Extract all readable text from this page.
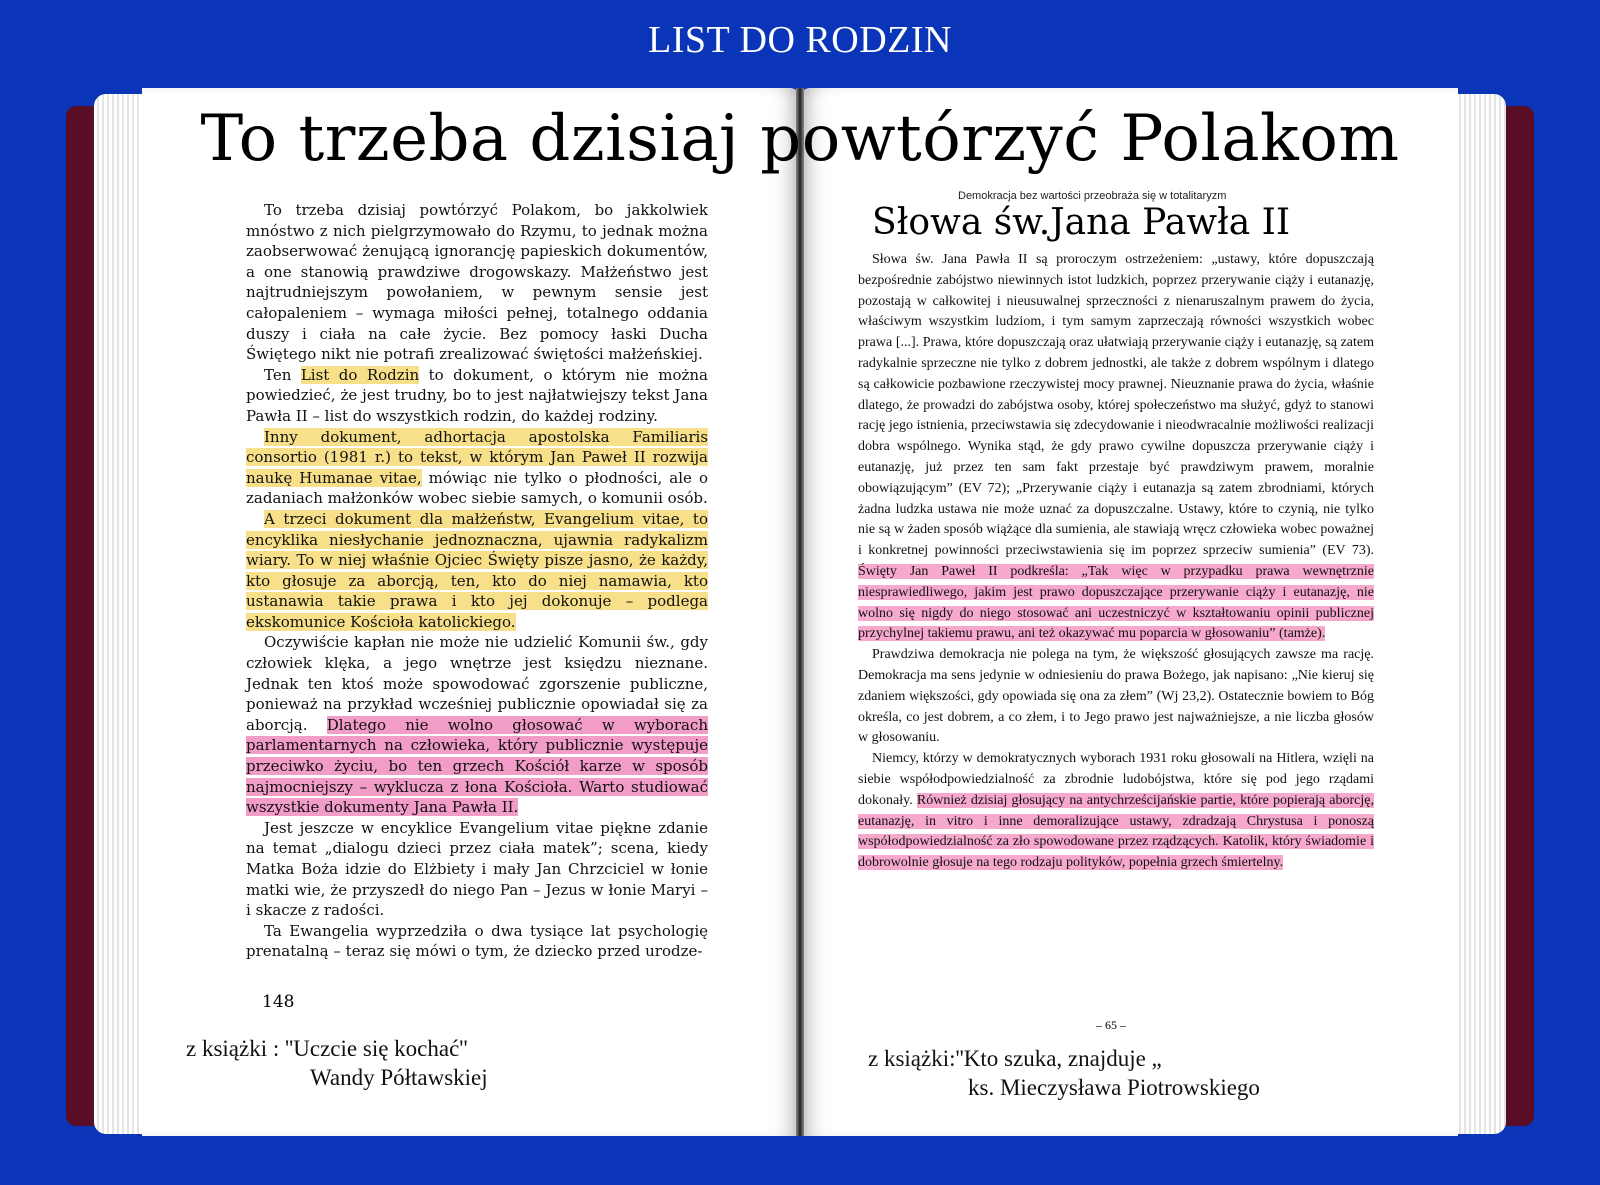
LIST DO RODZIN
To trzeba dzisiaj powtórzyć Polakom

To trzeba dzisiaj powtórzyć Polakom, bo jakkolwiek mnóstwo z nich pielgrzymowało do Rzymu, to jednak można zaobserwować żenującą ignorancję papieskich dokumentów, a one stanowią prawdziwe drogowskazy. Małżeństwo jest najtrudniejszym powołaniem, w pewnym sensie jest całopaleniem – wymaga miłości pełnej, totalnego oddania duszy i ciała na całe życie. Bez pomocy łaski Ducha Świętego nikt nie potrafi zrealizować świętości małżeńskiej.

Ten List do Rodzin to dokument, o którym nie można powiedzieć, że jest trudny, bo to jest najłatwiejszy tekst Jana Pawła II – list do wszystkich rodzin, do każdej rodziny.

Inny dokument, adhortacja apostolska Familiaris consortio (1981 r.) to tekst, w którym Jan Paweł II rozwija naukę Humanae vitae, mówiąc nie tylko o płodności, ale o zadaniach małżonków wobec siebie samych, o komunii osób.

A trzeci dokument dla małżeństw, Evangelium vitae, to encyklika niesłychanie jednoznaczna, ujawnia radykalizm wiary. To w niej właśnie Ojciec Święty pisze jasno, że każdy, kto głosuje za aborcją, ten, kto do niej namawia, kto ustanawia takie prawa i kto jej dokonuje – podlega ekskomunice Kościoła katolickiego.

Oczywiście kapłan nie może nie udzielić Komunii św., gdy człowiek klęka, a jego wnętrze jest księdzu nieznane. Jednak ten ktoś może spowodować zgorszenie publiczne, ponieważ na przykład wcześniej publicznie opowiadał się za aborcją. Dlatego nie wolno głosować w wyborach parlamentarnych na człowieka, który publicznie występuje przeciwko życiu, bo ten grzech Kościół karze w sposób najmocniejszy – wyklucza z łona Kościoła. Warto studiować wszystkie dokumenty Jana Pawła II.

Jest jeszcze w encyklice Evangelium vitae piękne zdanie na temat „dialogu dzieci przez ciała matek”; scena, kiedy Matka Boża idzie do Elżbiety i mały Jan Chrzciciel w łonie matki wie, że przyszedł do niego Pan – Jezus w łonie Maryi – i skacze z radości.

Ta Ewangelia wyprzedziła o dwa tysiące lat psychologię prenatalną – teraz się mówi o tym, że dziecko przed urodze-

148
z książki : ''Uczcie się kochać''
Wandy Półtawskiej
Demokracja bez wartości przeobraża się w totalitaryzm
Słowa św.Jana Pawła II

Słowa św. Jana Pawła II są proroczym ostrzeżeniem: „ustawy, które dopuszczają bezpośrednie zabójstwo niewinnych istot ludzkich, poprzez przerywanie ciąży i eutanazję, pozostają w całkowitej i nieusuwalnej sprzeczności z nienaruszalnym prawem do życia, właściwym wszystkim ludziom, i tym samym zaprzeczają równości wszystkich wobec prawa [...]. Prawa, które dopuszczają oraz ułatwiają przerywanie ciąży i eutanazję, są zatem radykalnie sprzeczne nie tylko z dobrem jednostki, ale także z dobrem wspólnym i dlatego są całkowicie pozbawione rzeczywistej mocy prawnej. Nieuznanie prawa do życia, właśnie dlatego, że prowadzi do zabójstwa osoby, której społeczeństwo ma służyć, gdyż to stanowi rację jego istnienia, przeciwstawia się zdecydowanie i nieodwracalnie możliwości realizacji dobra wspólnego. Wynika stąd, że gdy prawo cywilne dopuszcza przerywanie ciąży i eutanazję, już przez ten sam fakt przestaje być prawdziwym prawem, moralnie obowiązującym” (EV 72); „Przerywanie ciąży i eutanazja są zatem zbrodniami, których żadna ludzka ustawa nie może uznać za dopuszczalne. Ustawy, które to czynią, nie tylko nie są w żaden sposób wiążące dla sumienia, ale stawiają wręcz człowieka wobec poważnej i konkretnej powinności przeciwstawienia się im poprzez sprzeciw sumienia” (EV 73). Święty Jan Paweł II podkreśla: „Tak więc w przypadku prawa wewnętrznie niesprawiedliwego, jakim jest prawo dopuszczające przerywanie ciąży i eutanazję, nie wolno się nigdy do niego stosować ani uczestniczyć w kształtowaniu opinii publicznej przychylnej takiemu prawu, ani też okazywać mu poparcia w głosowaniu” (tamże).

Prawdziwa demokracja nie polega na tym, że większość głosujących zawsze ma rację. Demokracja ma sens jedynie w odniesieniu do prawa Bożego, jak napisano: „Nie kieruj się zdaniem większości, gdy opowiada się ona za złem” (Wj 23,2). Ostatecznie bowiem to Bóg określa, co jest dobrem, a co złem, i to Jego prawo jest najważniejsze, a nie liczba głosów w głosowaniu.

Niemcy, którzy w demokratycznych wyborach 1931 roku głosowali na Hitlera, wzięli na siebie współodpowiedzialność za zbrodnie ludobójstwa, które się pod jego rządami dokonały. Również dzisiaj głosujący na antychrześcijańskie partie, które popierają aborcję, eutanazję, in vitro i inne demoralizujące ustawy, zdradzają Chrystusa i ponoszą współodpowiedzialność za zło spowodowane przez rządzących. Katolik, który świadomie i dobrowolnie głosuje na tego rodzaju polityków, popełnia grzech śmiertelny.

– 65 –
z książki:''Kto szuka, znajduje „
ks. Mieczysława Piotrowskiego
